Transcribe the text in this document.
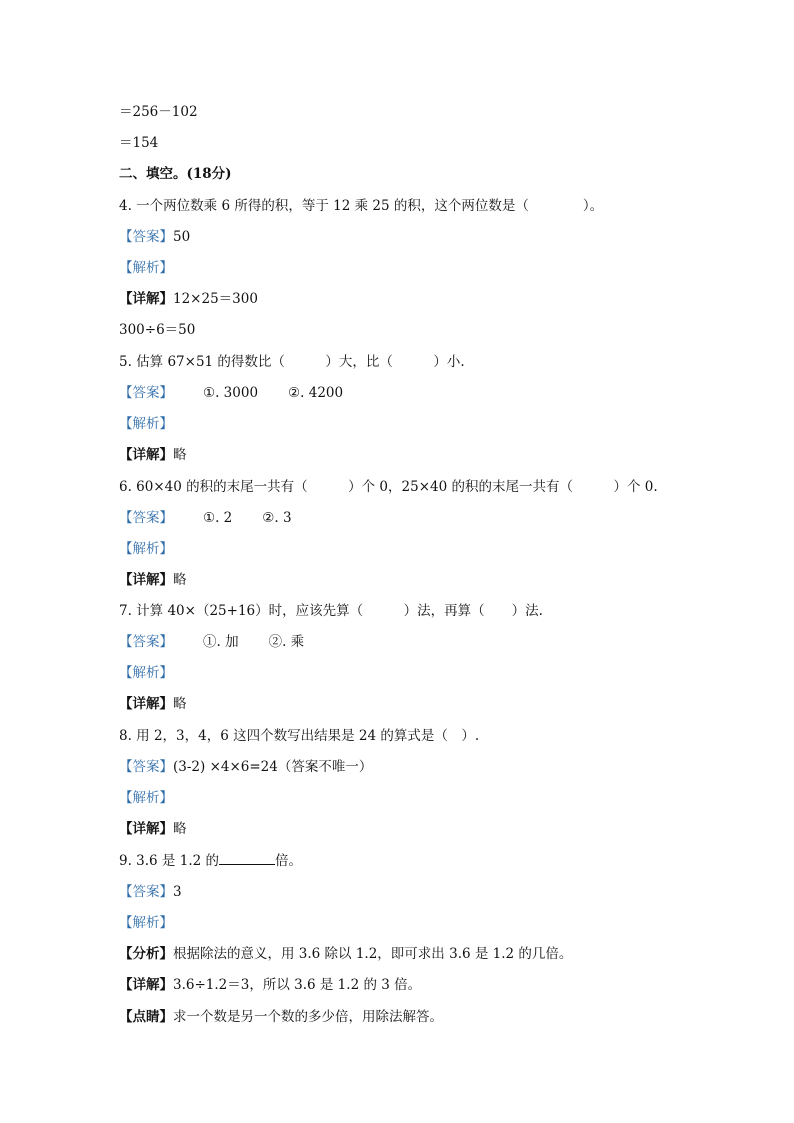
＝256－102
＝154
二、填空。(18分)
4. 一个两位数乘 6 所得的积，等于 12 乘 25 的积，这个两位数是（　　　　）。
【答案】50
【解析】
【详解】12×25＝300
300÷6＝50
5. 估算 67×51 的得数比（　　　）大，比（　　　）小.
【答案】 ①. 3000 ②. 4200
【解析】
【详解】略
6. 60×40 的积的末尾一共有（　　　）个 0，25×40 的积的末尾一共有（　　　）个 0.
【答案】 ①. 2 ②. 3
【解析】
【详解】略
7. 计算 40×（25+16）时，应该先算（　　　）法，再算（　　）法.
【答案】 ①. 加 ②. 乘
【解析】
【详解】略
8. 用 2，3，4，6 这四个数写出结果是 24 的算式是（　）.
【答案】(3-2) ×4×6=24（答案不唯一）
【解析】
【详解】略
9. 3.6 是 1.2 的	倍。
【答案】3
【解析】
【分析】根据除法的意义，用 3.6 除以 1.2，即可求出 3.6 是 1.2 的几倍。
【详解】3.6÷1.2＝3，所以 3.6 是 1.2 的 3 倍。
【点睛】求一个数是另一个数的多少倍，用除法解答。
